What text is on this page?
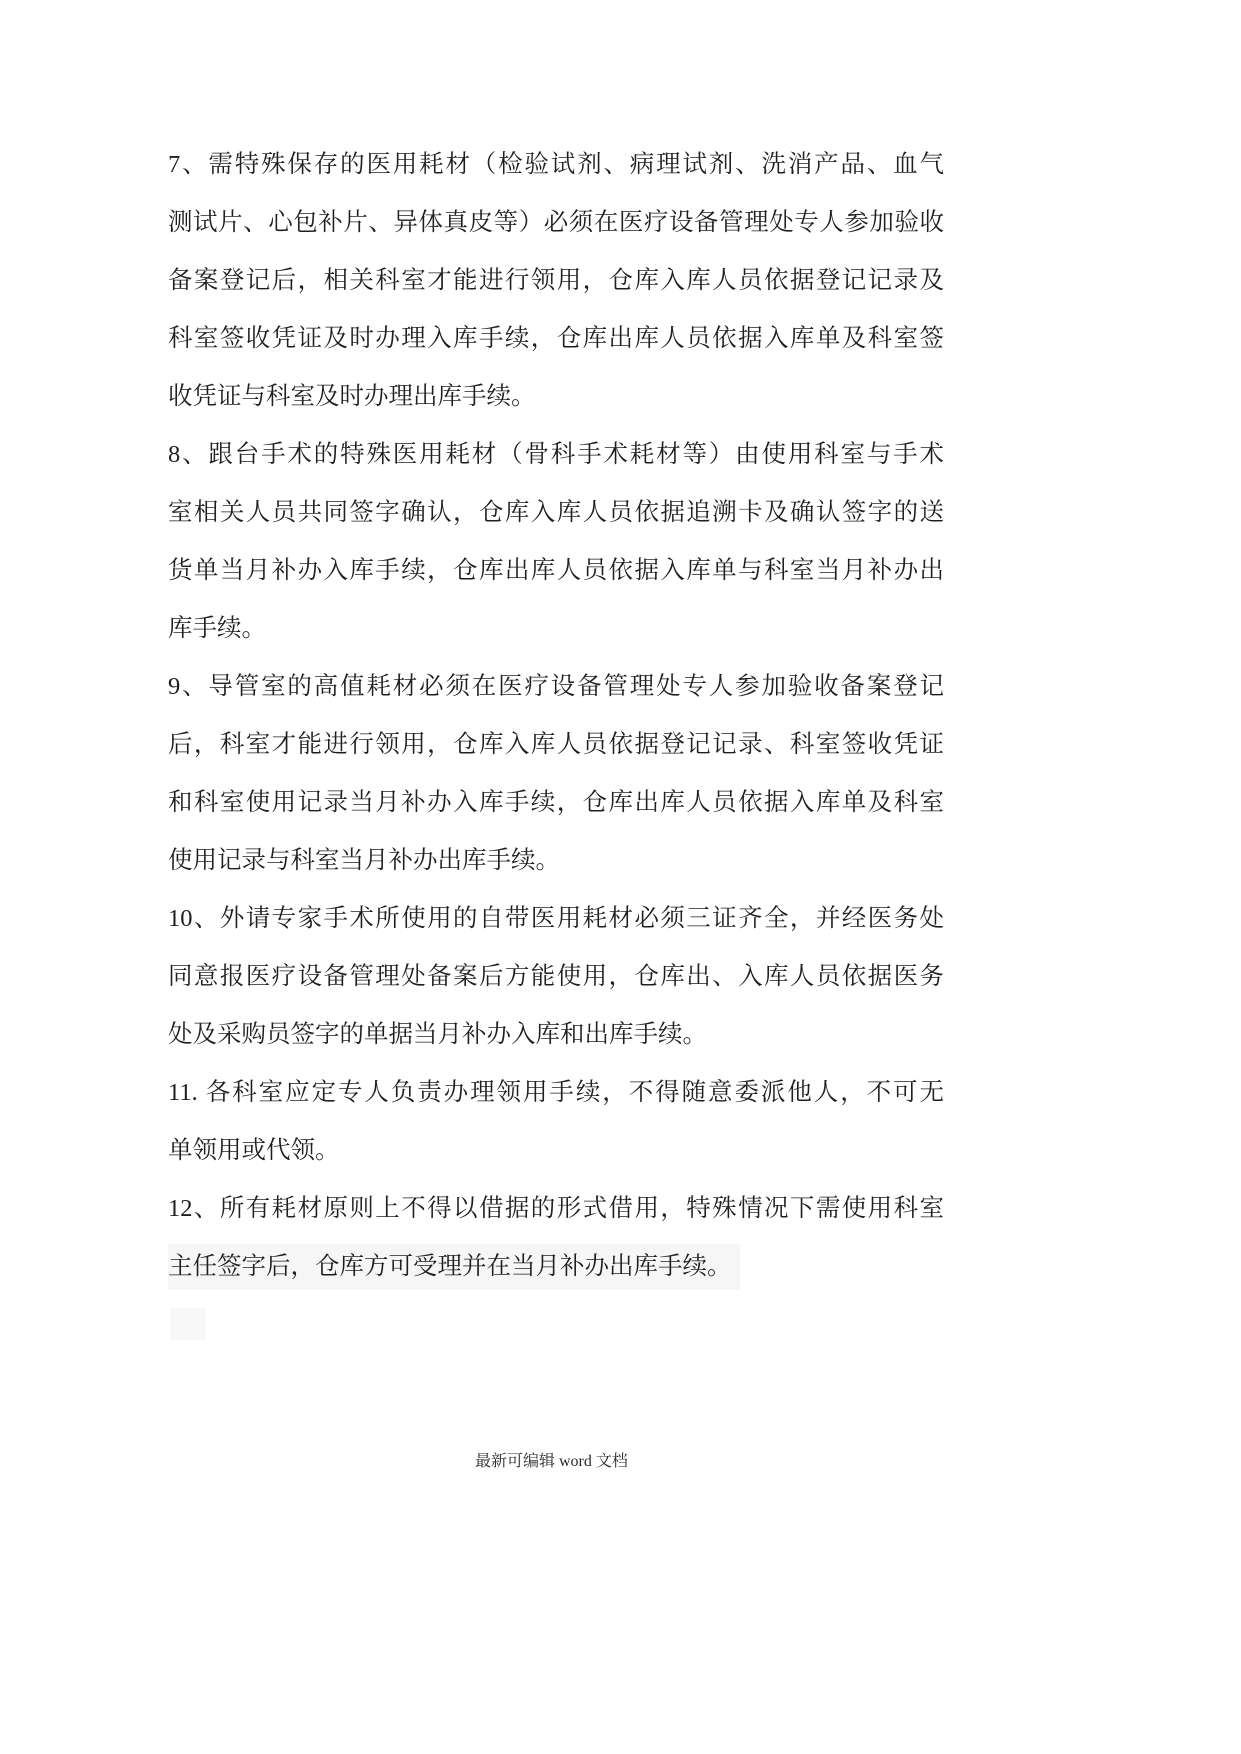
7、需特殊保存的医用耗材（检验试剂、病理试剂、洗消产品、血气
测试片、心包补片、异体真皮等）必须在医疗设备管理处专人参加验收
备案登记后，相关科室才能进行领用，仓库入库人员依据登记记录及
科室签收凭证及时办理入库手续，仓库出库人员依据入库单及科室签
收凭证与科室及时办理出库手续。
8、跟台手术的特殊医用耗材（骨科手术耗材等）由使用科室与手术
室相关人员共同签字确认，仓库入库人员依据追溯卡及确认签字的送
货单当月补办入库手续，仓库出库人员依据入库单与科室当月补办出
库手续。
9、导管室的高值耗材必须在医疗设备管理处专人参加验收备案登记
后，科室才能进行领用，仓库入库人员依据登记记录、科室签收凭证
和科室使用记录当月补办入库手续，仓库出库人员依据入库单及科室
使用记录与科室当月补办出库手续。
10、外请专家手术所使用的自带医用耗材必须三证齐全，并经医务处
同意报医疗设备管理处备案后方能使用，仓库出、入库人员依据医务
处及采购员签字的单据当月补办入库和出库手续。
11. 各科室应定专人负责办理领用手续，不得随意委派他人，不可无
单领用或代领。
12、所有耗材原则上不得以借据的形式借用，特殊情况下需使用科室
主任签字后，仓库方可受理并在当月补办出库手续。
最新可编辑 word 文档
